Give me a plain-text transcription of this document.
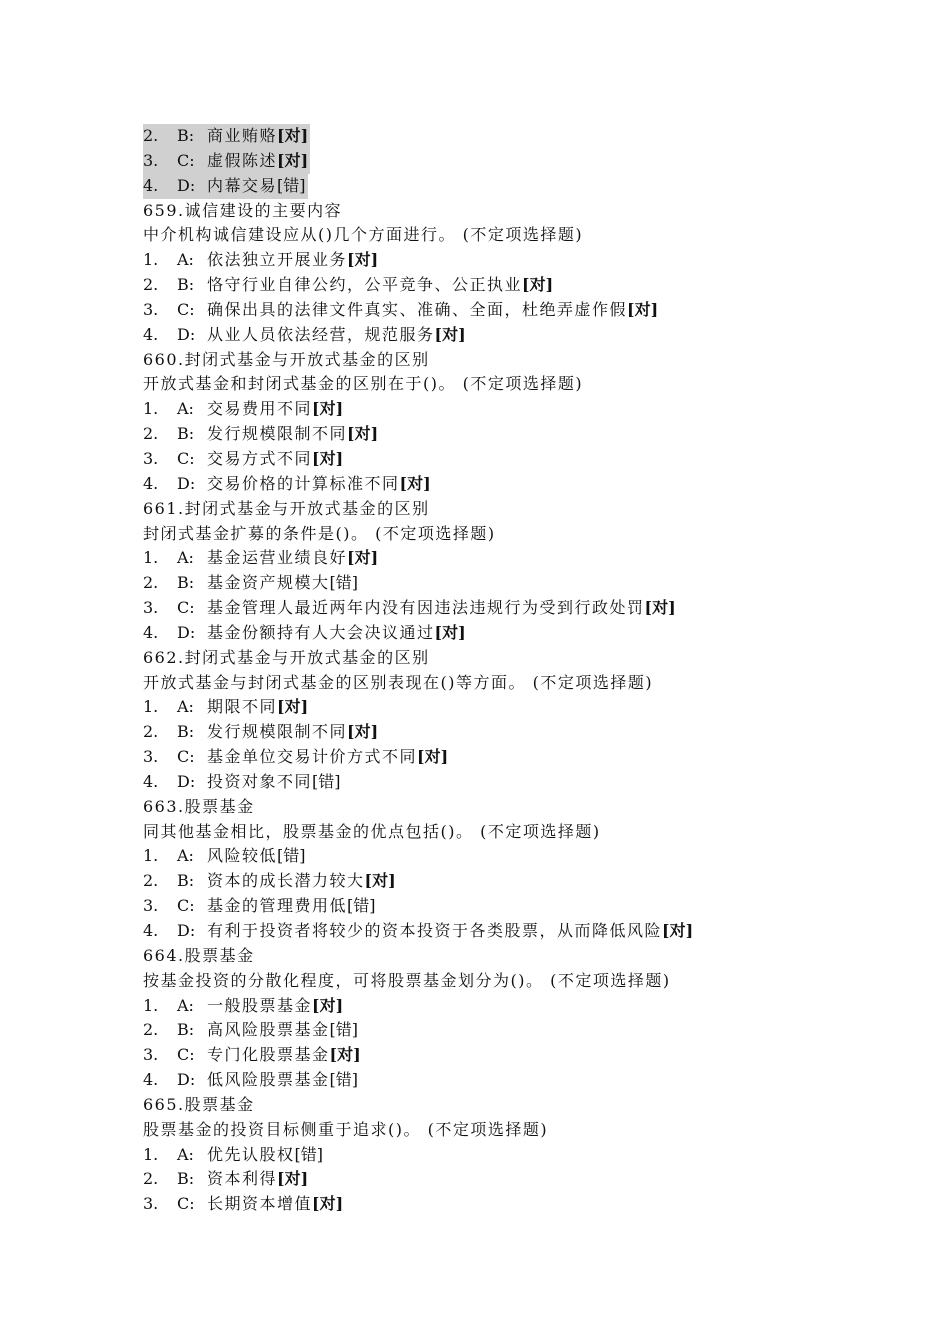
2. B: 商业贿赂[对]
3. C: 虚假陈述[对]
4. D: 内幕交易[错]
659.诚信建设的主要内容
中介机构诚信建设应从()几个方面进行。 (不定项选择题)
1. A: 依法独立开展业务[对]
2. B: 恪守行业自律公约，公平竞争、公正执业[对]
3. C: 确保出具的法律文件真实、准确、全面，杜绝弄虚作假[对]
4. D: 从业人员依法经营，规范服务[对]
660.封闭式基金与开放式基金的区别
开放式基金和封闭式基金的区别在于()。 (不定项选择题)
1. A: 交易费用不同[对]
2. B: 发行规模限制不同[对]
3. C: 交易方式不同[对]
4. D: 交易价格的计算标准不同[对]
661.封闭式基金与开放式基金的区别
封闭式基金扩募的条件是()。 (不定项选择题)
1. A: 基金运营业绩良好[对]
2. B: 基金资产规模大[错]
3. C: 基金管理人最近两年内没有因违法违规行为受到行政处罚[对]
4. D: 基金份额持有人大会决议通过[对]
662.封闭式基金与开放式基金的区别
开放式基金与封闭式基金的区别表现在()等方面。 (不定项选择题)
1. A: 期限不同[对]
2. B: 发行规模限制不同[对]
3. C: 基金单位交易计价方式不同[对]
4. D: 投资对象不同[错]
663.股票基金
同其他基金相比，股票基金的优点包括()。 (不定项选择题)
1. A: 风险较低[错]
2. B: 资本的成长潜力较大[对]
3. C: 基金的管理费用低[错]
4. D: 有利于投资者将较少的资本投资于各类股票，从而降低风险[对]
664.股票基金
按基金投资的分散化程度，可将股票基金划分为()。 (不定项选择题)
1. A: 一般股票基金[对]
2. B: 高风险股票基金[错]
3. C: 专门化股票基金[对]
4. D: 低风险股票基金[错]
665.股票基金
股票基金的投资目标侧重于追求()。 (不定项选择题)
1. A: 优先认股权[错]
2. B: 资本利得[对]
3. C: 长期资本增值[对]
